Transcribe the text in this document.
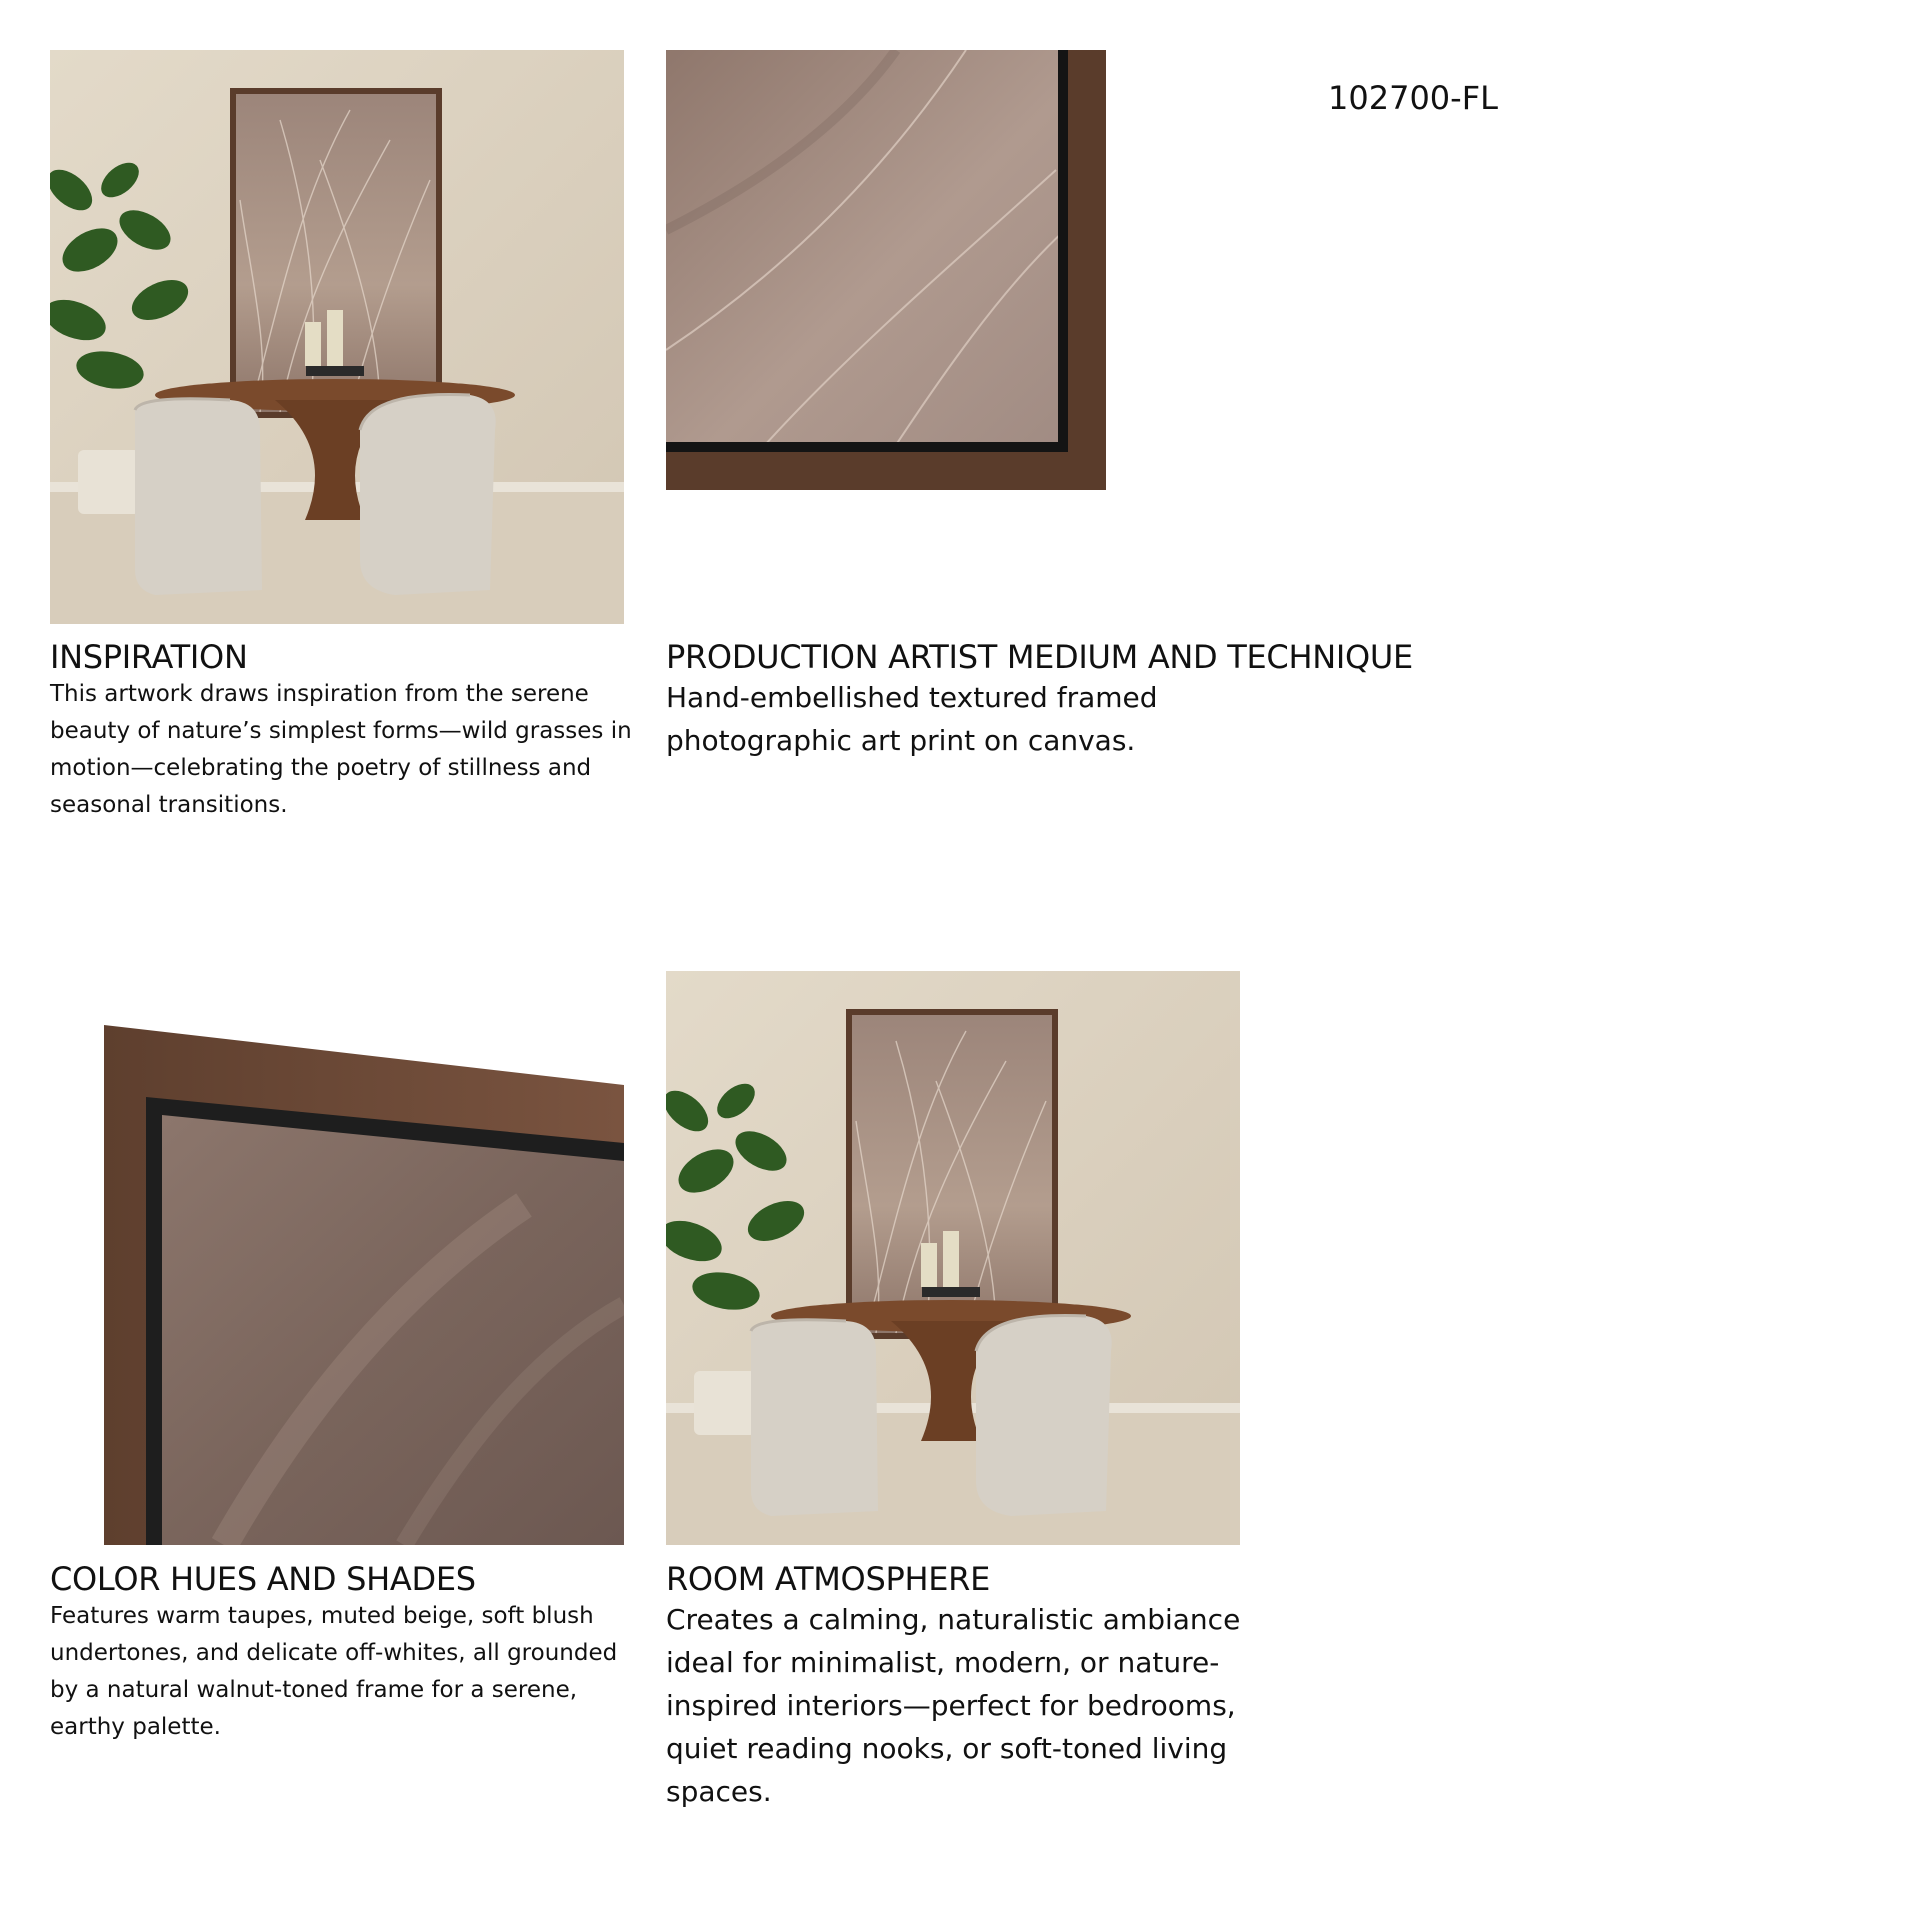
102700-FL
INSPIRATION

This artwork draws inspiration from the serene beauty of nature’s simplest forms—wild grasses in motion—celebrating the poetry of stillness and seasonal transitions.

PRODUCTION ARTIST MEDIUM AND TECHNIQUE

Hand-embellished textured framed photographic art print on canvas.

COLOR HUES AND SHADES

Features warm taupes, muted beige, soft blush undertones, and delicate off-whites, all grounded by a natural walnut-toned frame for a serene, earthy palette.

ROOM ATMOSPHERE

Creates a calming, naturalistic ambiance ideal for minimalist, modern, or nature-inspired interiors—perfect for bedrooms, quiet reading nooks, or soft-toned living spaces.
